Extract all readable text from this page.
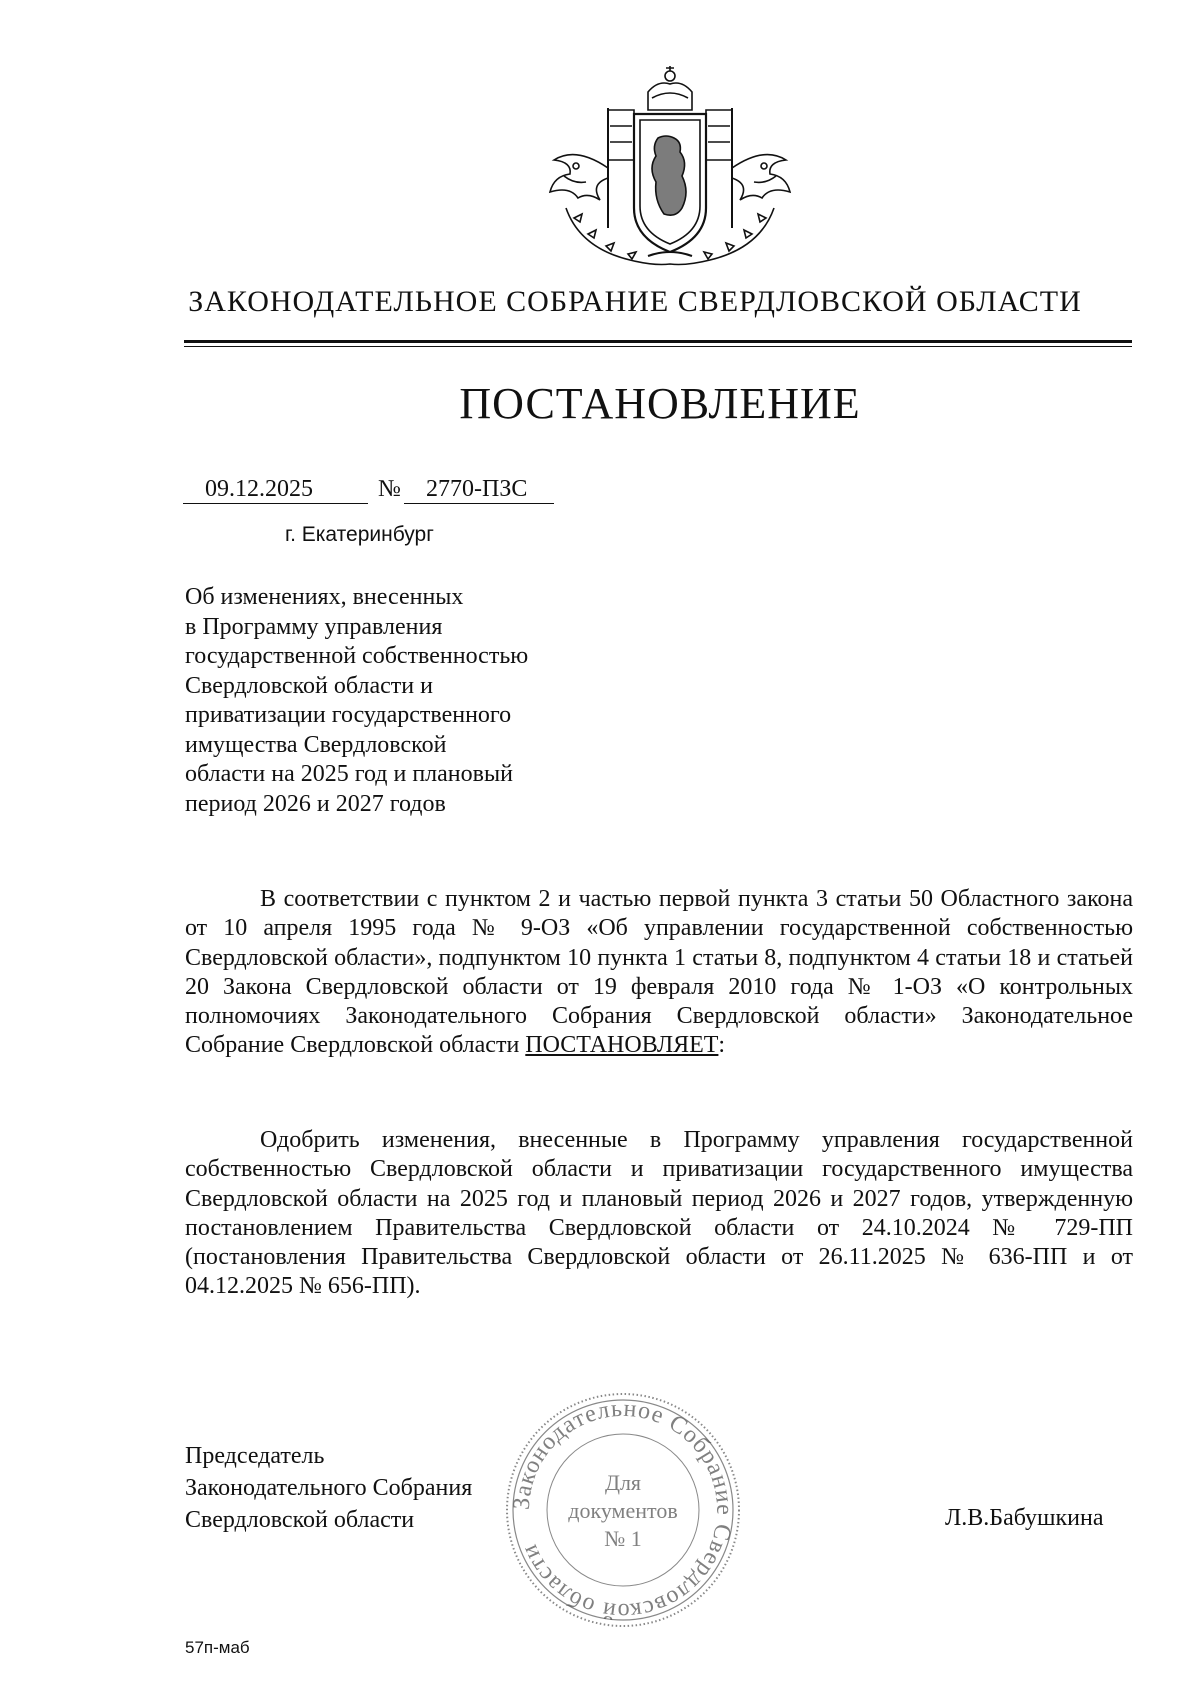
ЗАКОНОДАТЕЛЬНОЕ СОБРАНИЕ СВЕРДЛОВСКОЙ ОБЛАСТИ
ПОСТАНОВЛЕНИЕ
09.12.2025	№	2770-ПЗС
г. Екатеринбург
Об изменениях, внесенных
в Программу управления
государственной собственностью
Свердловской области и
приватизации государственного
имущества Свердловской
области на 2025 год и плановый
период 2026 и 2027 годов

В соответствии с пунктом 2 и частью первой пункта 3 статьи 50 Областного закона от 10 апреля 1995 года № 9-ОЗ «Об управлении государственной собственностью Свердловской области», подпунктом 10 пункта 1 статьи 8, подпунктом 4 статьи 18 и статьей 20 Закона Свердловской области от 19 февраля 2010 года № 1-ОЗ «О контрольных полномочиях Законодательного Собрания Свердловской области» Законодательное Собрание Свердловской области ПОСТАНОВЛЯЕТ:

Одобрить изменения, внесенные в Программу управления государственной собственностью Свердловской области и приватизации государственного имущества Свердловской области на 2025 год и плановый период 2026 и 2027 годов, утвержденную постановлением Правительства Свердловской области от 24.10.2024 № 729-ПП (постановления Правительства Свердловской области от 26.11.2025 № 636-ПП и от 04.12.2025 № 656-ПП).

Председатель
Законодательного Собрания
Свердловской области
Законодательное Собрание Свердловской области
Для
документов
№ 1
Л.В.Бабушкина
57п-маб
